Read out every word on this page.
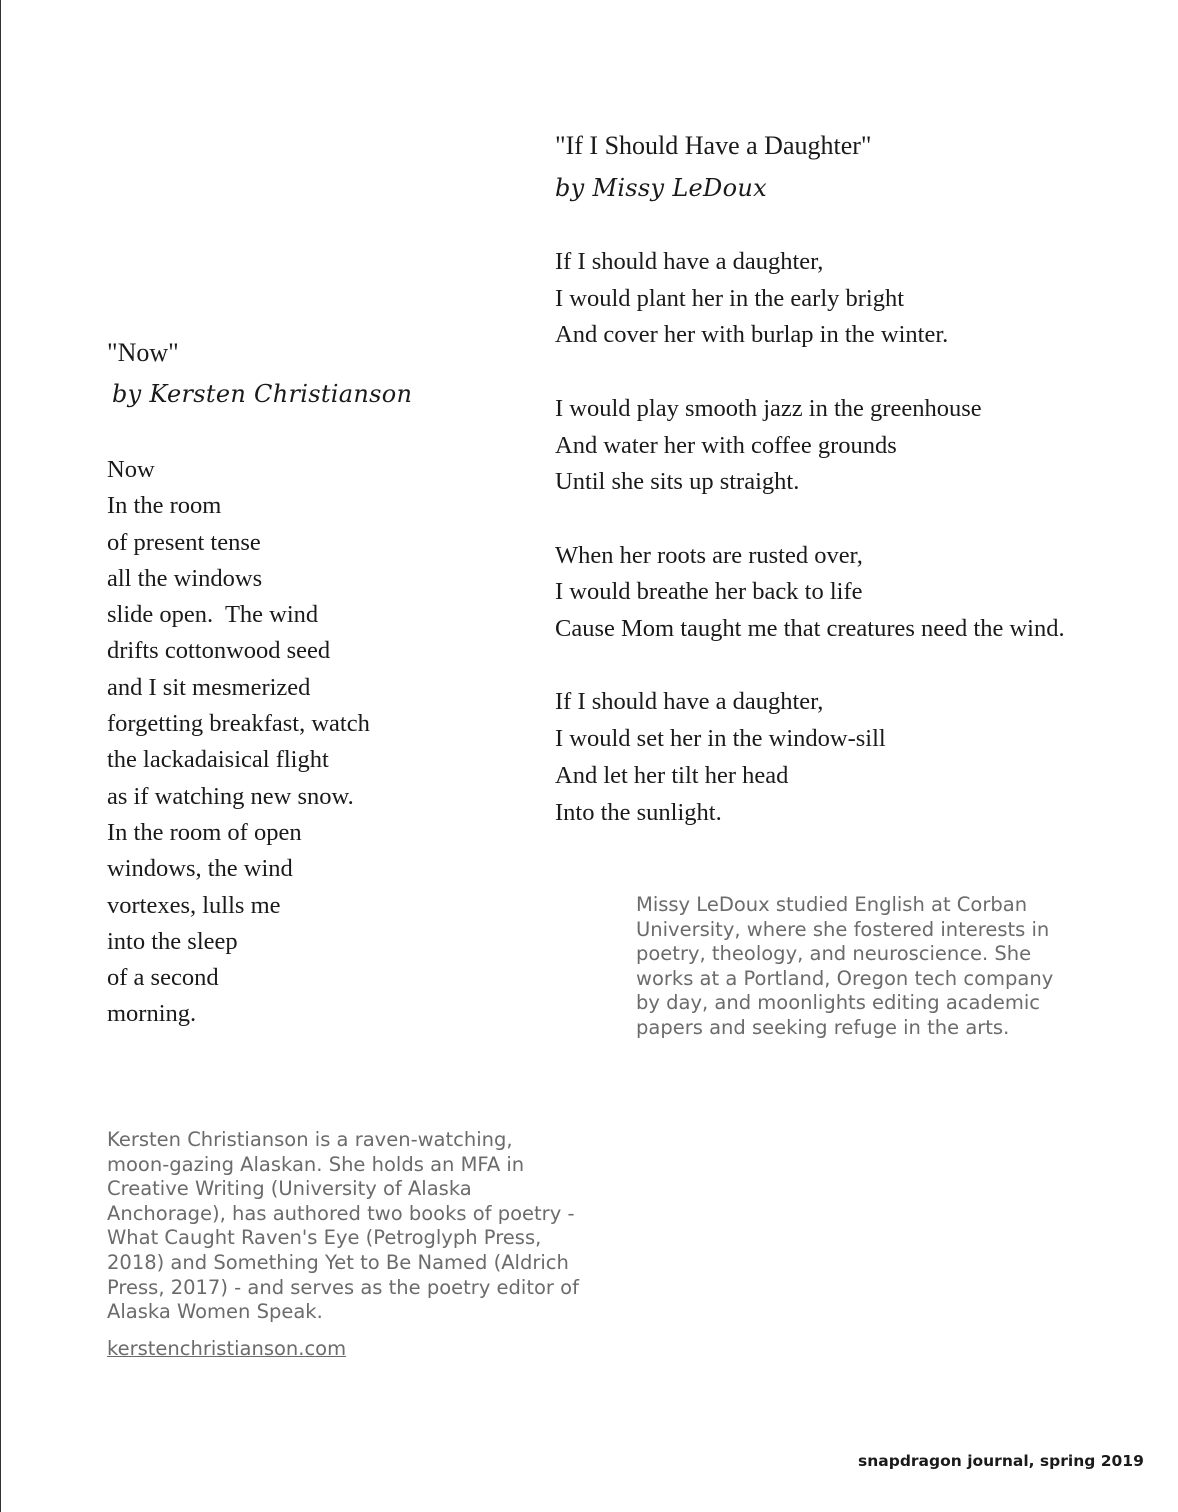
"Now"
by Kersten Christianson
Now
In the room
of present tense
all the windows
slide open.  The wind
drifts cottonwood seed
and I sit mesmerized
forgetting breakfast, watch
the lackadaisical flight
as if watching new snow.
In the room of open
windows, the wind
vortexes, lulls me
into the sleep
of a second
morning.
"If I Should Have a Daughter"
by Missy LeDoux
If I should have a daughter,
I would plant her in the early bright
And cover her with burlap in the winter.

I would play smooth jazz in the greenhouse
And water her with coffee grounds
Until she sits up straight.

When her roots are rusted over,
I would breathe her back to life
Cause Mom taught me that creatures need the wind.

If I should have a daughter,
I would set her in the window-sill
And let her tilt her head
Into the sunlight.
Missy LeDoux studied English at Corban
University, where she fostered interests in
poetry, theology, and neuroscience. She
works at a Portland, Oregon tech company
by day, and moonlights editing academic
papers and seeking refuge in the arts.
Kersten Christianson is a raven-watching,
moon-gazing Alaskan. She holds an MFA in
Creative Writing (University of Alaska
Anchorage), has authored two books of poetry -
What Caught Raven's Eye (Petroglyph Press,
2018) and Something Yet to Be Named (Aldrich
Press, 2017) - and serves as the poetry editor of
Alaska Women Speak.
kerstenchristianson.com
snapdragon journal, spring 2019
